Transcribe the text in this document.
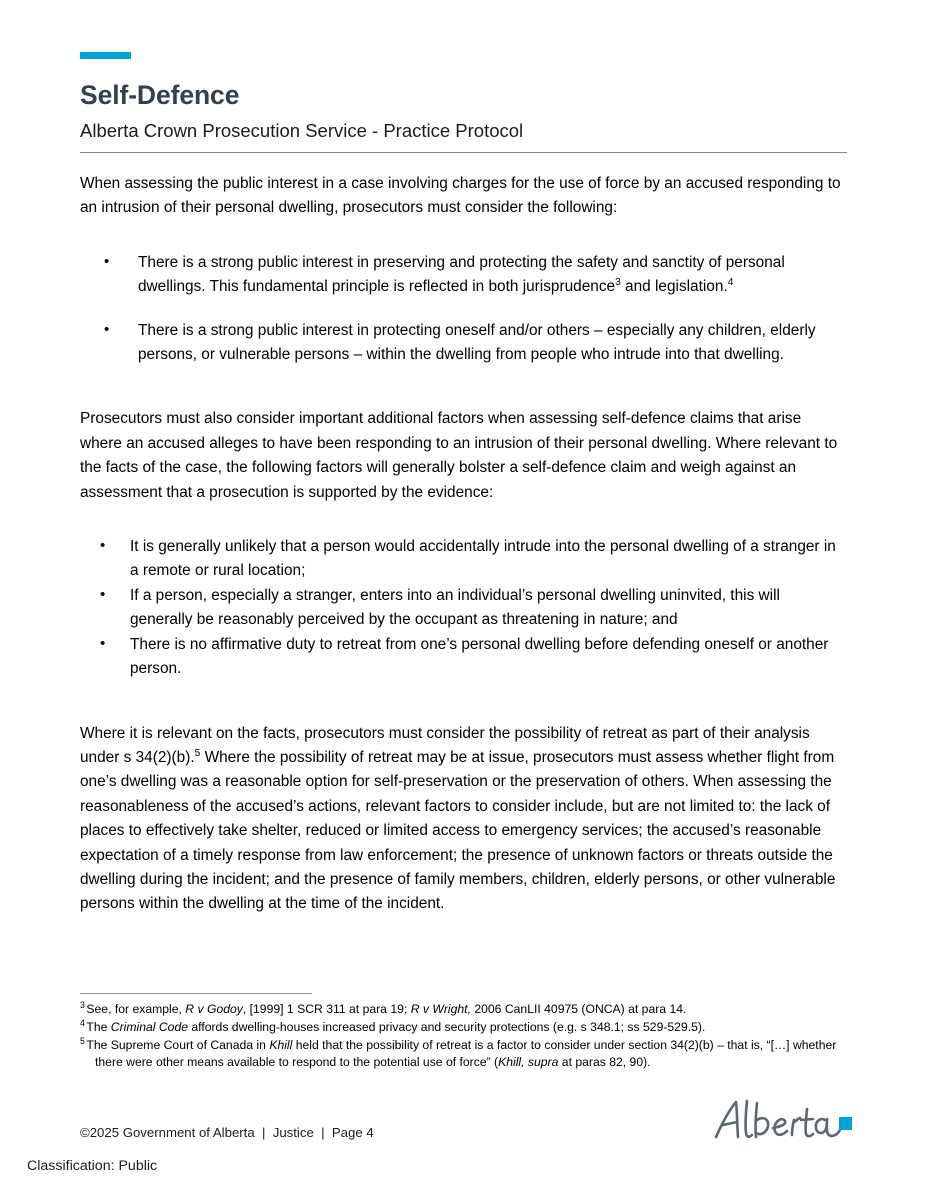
Self-Defence
Alberta Crown Prosecution Service - Practice Protocol

When assessing the public interest in a case involving charges for the use of force by an accused responding to an intrusion of their personal dwelling, prosecutors must consider the following:

• There is a strong public interest in preserving and protecting the safety and sanctity of personal dwellings. This fundamental principle is reflected in both jurisprudence$^3$ and legislation.$^4$
• There is a strong public interest in protecting oneself and/or others – especially any children, elderly persons, or vulnerable persons – within the dwelling from people who intrude into that dwelling.

Prosecutors must also consider important additional factors when assessing self-defence claims that arise where an accused alleges to have been responding to an intrusion of their personal dwelling. Where relevant to the facts of the case, the following factors will generally bolster a self-defence claim and weigh against an assessment that a prosecution is supported by the evidence:

• It is generally unlikely that a person would accidentally intrude into the personal dwelling of a stranger in a remote or rural location;
• If a person, especially a stranger, enters into an individual’s personal dwelling uninvited, this will generally be reasonably perceived by the occupant as threatening in nature; and
• There is no affirmative duty to retreat from one’s personal dwelling before defending oneself or another person.

Where it is relevant on the facts, prosecutors must consider the possibility of retreat as part of their analysis under s 34(2)(b).$^5$ Where the possibility of retreat may be at issue, prosecutors must assess whether flight from one’s dwelling was a reasonable option for self-preservation or the preservation of others. When assessing the reasonableness of the accused’s actions, relevant factors to consider include, but are not limited to: the lack of places to effectively take shelter, reduced or limited access to emergency services; the accused’s reasonable expectation of a timely response from law enforcement; the presence of unknown factors or threats outside the dwelling during the incident; and the presence of family members, children, elderly persons, or other vulnerable persons within the dwelling at the time of the incident.

$^3$ See, for example, R v Godoy, [1999] 1 SCR 311 at para 19; R v Wright, 2006 CanLII 40975 (ONCA) at para 14.
$^4$ The Criminal Code affords dwelling-houses increased privacy and security protections (e.g. s 348.1; ss 529-529.5).
$^5$ The Supreme Court of Canada in Khill held that the possibility of retreat is a factor to consider under section 34(2)(b) – that is, “[…] whether there were other means available to respond to the potential use of force” (Khill, supra at paras 82, 90).
©2025 Government of Alberta  |  Justice  |  Page 4
Classification: Public
